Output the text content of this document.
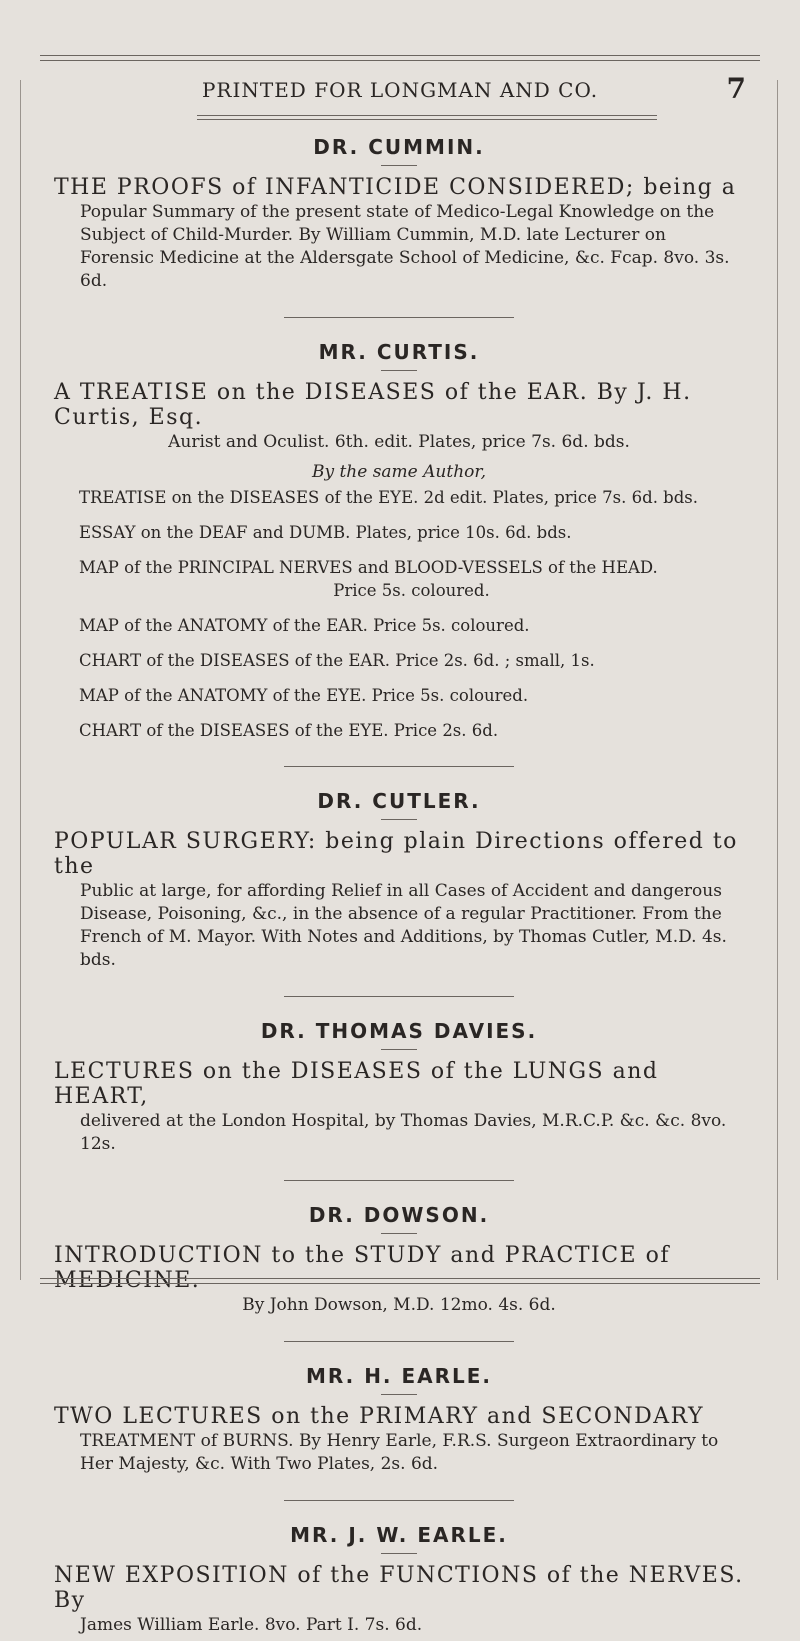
PRINTED FOR LONGMAN AND CO.	7

DR. CUMMIN.

THE PROOFS of INFANTICIDE CONSIDERED; being a
Popular Summary of the present state of Medico-Legal Knowledge on the Subject of Child-Murder. By William Cummin, M.D. late Lecturer on Forensic Medicine at the Aldersgate School of Medicine, &c. Fcap. 8vo. 3s. 6d.

MR. CURTIS.

A TREATISE on the DISEASES of the EAR. By J. H. Curtis, Esq.
Aurist and Oculist. 6th. edit. Plates, price 7s. 6d. bds.

By the same Author,

TREATISE on the DISEASES of the EYE. 2d edit. Plates, price 7s. 6d. bds.

ESSAY on the DEAF and DUMB. Plates, price 10s. 6d. bds.

MAP of the PRINCIPAL NERVES and BLOOD-VESSELS of the HEAD.
Price 5s. coloured.

MAP of the ANATOMY of the EAR. Price 5s. coloured.

CHART of the DISEASES of the EAR. Price 2s. 6d. ; small, 1s.

MAP of the ANATOMY of the EYE. Price 5s. coloured.

CHART of the DISEASES of the EYE. Price 2s. 6d.

DR. CUTLER.

POPULAR SURGERY: being plain Directions offered to the
Public at large, for affording Relief in all Cases of Accident and dangerous Disease, Poisoning, &c., in the absence of a regular Practitioner. From the French of M. Mayor. With Notes and Additions, by Thomas Cutler, M.D. 4s. bds.

DR. THOMAS DAVIES.

LECTURES on the DISEASES of the LUNGS and HEART,
delivered at the London Hospital, by Thomas Davies, M.R.C.P. &c. &c. 8vo. 12s.

DR. DOWSON.

INTRODUCTION to the STUDY and PRACTICE of MEDICINE.
By John Dowson, M.D. 12mo. 4s. 6d.

MR. H. EARLE.

TWO LECTURES on the PRIMARY and SECONDARY
TREATMENT of BURNS. By Henry Earle, F.R.S. Surgeon Extraordinary to Her Majesty, &c. With Two Plates, 2s. 6d.

MR. J. W. EARLE.

NEW EXPOSITION of the FUNCTIONS of the NERVES. By
James William Earle. 8vo. Part I. 7s. 6d.
